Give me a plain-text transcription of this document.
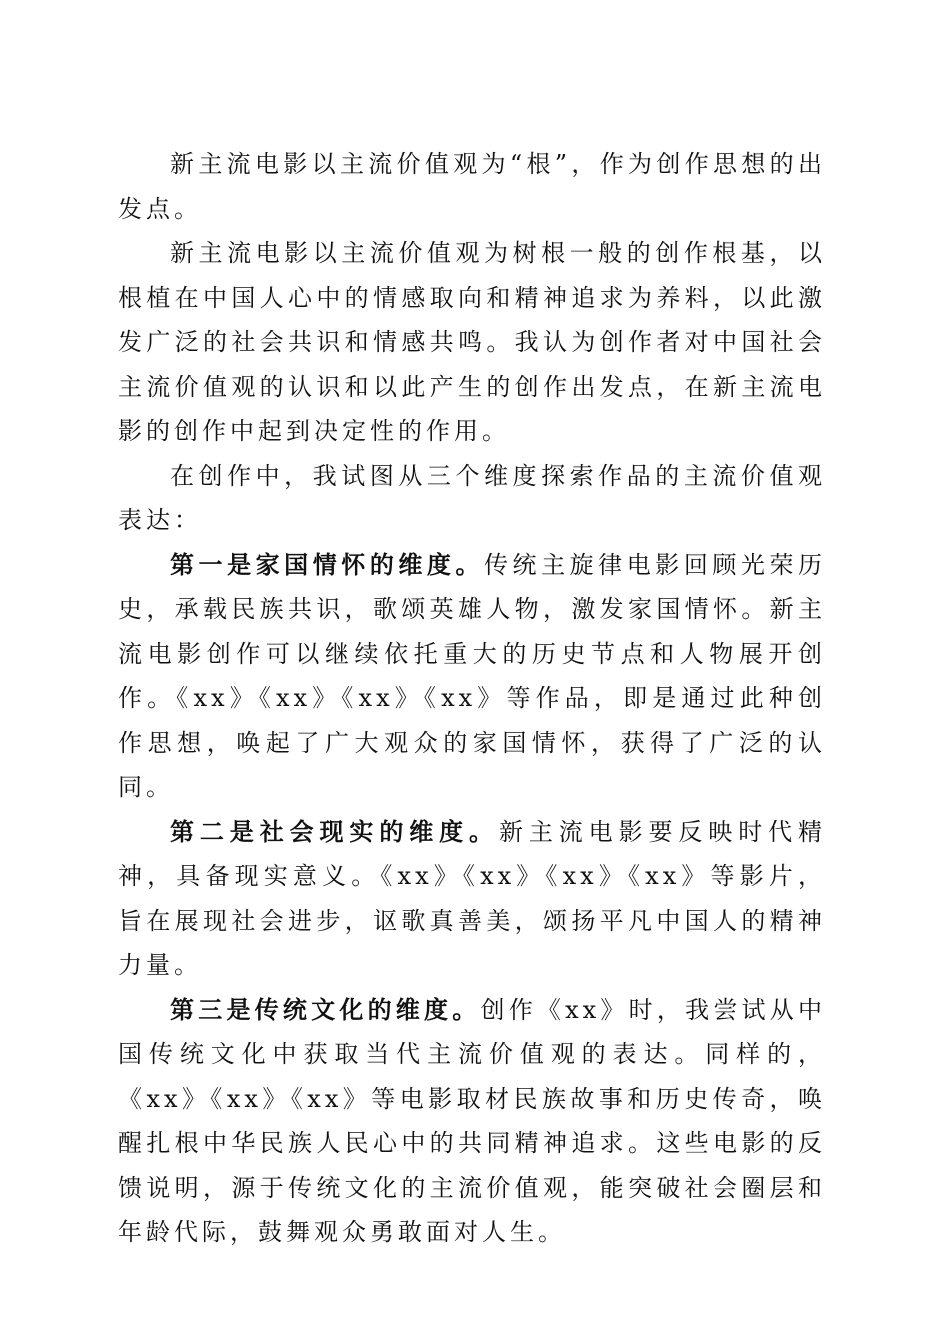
新主流电影以主流价值观为“根”，作为创作思想的出发点。

新主流电影以主流价值观为树根一般的创作根基，以根植在中国人心中的情感取向和精神追求为养料，以此激发广泛的社会共识和情感共鸣。我认为创作者对中国社会主流价值观的认识和以此产生的创作出发点，在新主流电影的创作中起到决定性的作用。

在创作中，我试图从三个维度探索作品的主流价值观表达：

第一是家国情怀的维度。传统主旋律电影回顾光荣历史，承载民族共识，歌颂英雄人物，激发家国情怀。新主流电影创作可以继续依托重大的历史节点和人物展开创作。《xx》《xx》《xx》《xx》等作品，即是通过此种创作思想，唤起了广大观众的家国情怀，获得了广泛的认同。

第二是社会现实的维度。新主流电影要反映时代精神，具备现实意义。《xx》《xx》《xx》《xx》等影片，旨在展现社会进步，讴歌真善美，颂扬平凡中国人的精神力量。

第三是传统文化的维度。创作《xx》时，我尝试从中国传统文化中获取当代主流价值观的表达。同样的，《xx》《xx》《xx》等电影取材民族故事和历史传奇，唤醒扎根中华民族人民心中的共同精神追求。这些电影的反馈说明，源于传统文化的主流价值观，能突破社会圈层和年龄代际，鼓舞观众勇敢面对人生。
